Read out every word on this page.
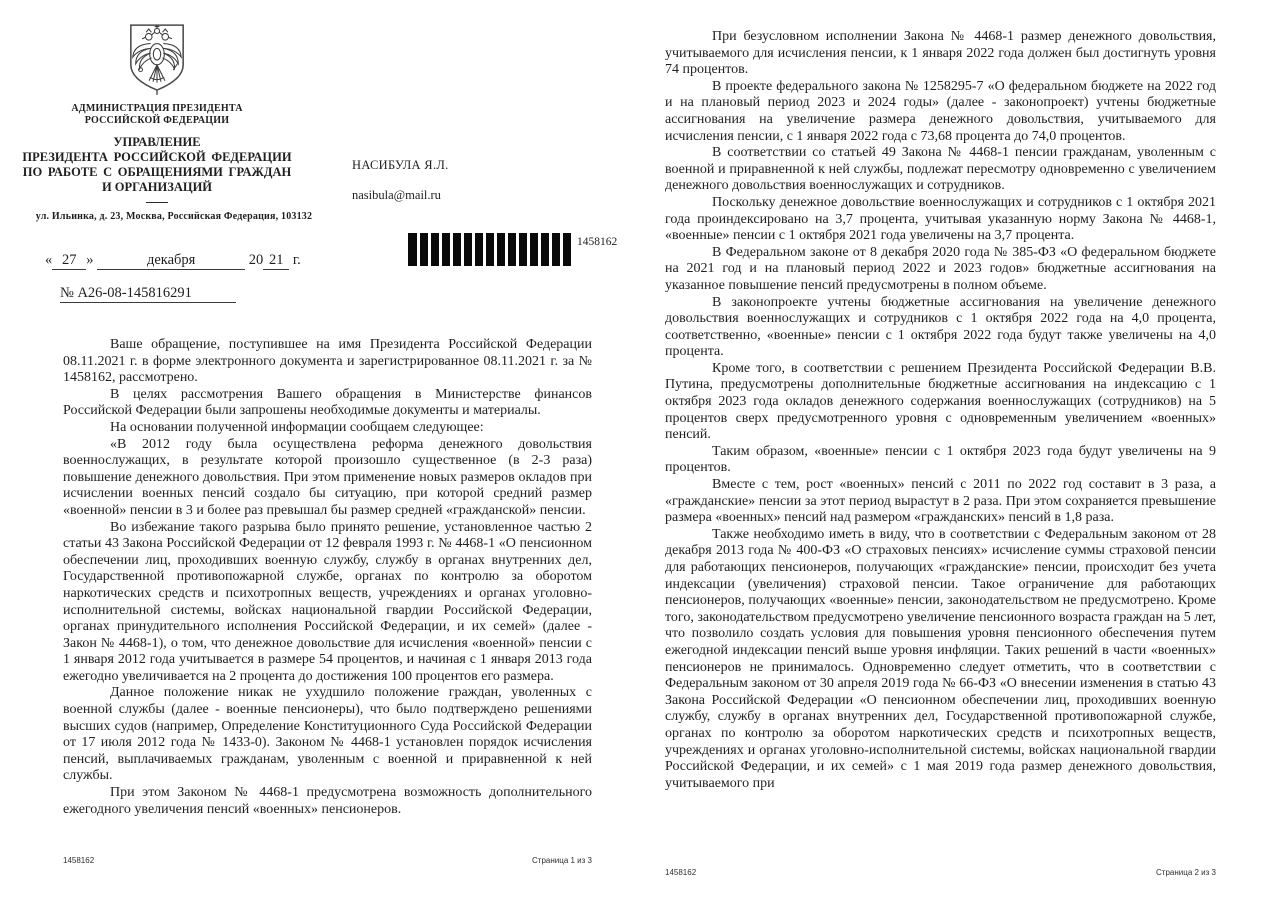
АДМИНИСТРАЦИЯ ПРЕЗИДЕНТА
РОССИЙСКОЙ ФЕДЕРАЦИИ
УПРАВЛЕНИЕ
ПРЕЗИДЕНТА РОССИЙСКОЙ ФЕДЕРАЦИИ
ПО РАБОТЕ С ОБРАЩЕНИЯМИ ГРАЖДАН
И ОРГАНИЗАЦИЙ
ул. Ильинка, д. 23, Москва, Российская Федерация, 103132
НАСИБУЛА Я.Л.
nasibula@mail.ru
1458162
« 27 »	декабря	20 21 г.
№ А26-08-145816291

Ваше обращение, поступившее на имя Президента Российской Федерации 08.11.2021 г. в форме электронного документа и зарегистрированное 08.11.2021 г. за № 1458162, рассмотрено.

В целях рассмотрения Вашего обращения в Министерстве финансов Российской Федерации были запрошены необходимые документы и материалы.

На основании полученной информации сообщаем следующее:

«В 2012 году была осуществлена реформа денежного довольствия военнослужащих, в результате которой произошло существенное (в 2-3 раза) повышение денежного довольствия. При этом применение новых размеров окладов при исчислении военных пенсий создало бы ситуацию, при которой средний размер «военной» пенсии в 3 и более раз превышал бы размер средней «гражданской» пенсии.

Во избежание такого разрыва было принято решение, установленное частью 2 статьи 43 Закона Российской Федерации от 12 февраля 1993 г. № 4468-1 «О пенсионном обеспечении лиц, проходивших военную службу, службу в органах внутренних дел, Государственной противопожарной службе, органах по контролю за оборотом наркотических средств и психотропных веществ, учреждениях и органах уголовно-исполнительной системы, войсках национальной гвардии Российской Федерации, органах принудительного исполнения Российской Федерации, и их семей» (далее - Закон № 4468-1), о том, что денежное довольствие для исчисления «военной» пенсии с 1 января 2012 года учитывается в размере 54 процентов, и начиная с 1 января 2013 года ежегодно увеличивается на 2 процента до достижения 100 процентов его размера.

Данное положение никак не ухудшило положение граждан, уволенных с военной службы (далее - военные пенсионеры), что было подтверждено решениями высших судов (например, Определение Конституционного Суда Российской Федерации от 17 июля 2012 года № 1433-0). Законом № 4468-1 установлен порядок исчисления пенсий, выплачиваемых гражданам, уволенным с военной и приравненной к ней службы.

При этом Законом № 4468-1 предусмотрена возможность дополнительного ежегодного увеличения пенсий «военных» пенсионеров.

1458162	Страница 1 из 3

При безусловном исполнении Закона № 4468-1 размер денежного довольствия, учитываемого для исчисления пенсии, к 1 января 2022 года должен был достигнуть уровня 74 процентов.

В проекте федерального закона № 1258295-7 «О федеральном бюджете на 2022 год и на плановый период 2023 и 2024 годы» (далее - законопроект) учтены бюджетные ассигнования на увеличение размера денежного довольствия, учитываемого для исчисления пенсии, с 1 января 2022 года с 73,68 процента до 74,0 процентов.

В соответствии со статьей 49 Закона № 4468-1 пенсии гражданам, уволенным с военной и приравненной к ней службы, подлежат пересмотру одновременно с увеличением денежного довольствия военнослужащих и сотрудников.

Поскольку денежное довольствие военнослужащих и сотрудников с 1 октября 2021 года проиндексировано на 3,7 процента, учитывая указанную норму Закона № 4468-1, «военные» пенсии с 1 октября 2021 года увеличены на 3,7 процента.

В Федеральном законе от 8 декабря 2020 года № 385-ФЗ «О федеральном бюджете на 2021 год и на плановый период 2022 и 2023 годов» бюджетные ассигнования на указанное повышение пенсий предусмотрены в полном объеме.

В законопроекте учтены бюджетные ассигнования на увеличение денежного довольствия военнослужащих и сотрудников с 1 октября 2022 года на 4,0 процента, соответственно, «военные» пенсии с 1 октября 2022 года будут также увеличены на 4,0 процента.

Кроме того, в соответствии с решением Президента Российской Федерации В.В. Путина, предусмотрены дополнительные бюджетные ассигнования на индексацию с 1 октября 2023 года окладов денежного содержания военнослужащих (сотрудников) на 5 процентов сверх предусмотренного уровня с одновременным увеличением «военных» пенсий.

Таким образом, «военные» пенсии с 1 октября 2023 года будут увеличены на 9 процентов.

Вместе с тем, рост «военных» пенсий с 2011 по 2022 год составит в 3 раза, а «гражданские» пенсии за этот период вырастут в 2 раза. При этом сохраняется превышение размера «военных» пенсий над размером «гражданских» пенсий в 1,8 раза.

Также необходимо иметь в виду, что в соответствии с Федеральным законом от 28 декабря 2013 года № 400-ФЗ «О страховых пенсиях» исчисление суммы страховой пенсии для работающих пенсионеров, получающих «гражданские» пенсии, происходит без учета индексации (увеличения) страховой пенсии. Такое ограничение для работающих пенсионеров, получающих «военные» пенсии, законодательством не предусмотрено. Кроме того, законодательством предусмотрено увеличение пенсионного возраста граждан на 5 лет, что позволило создать условия для повышения уровня пенсионного обеспечения путем ежегодной индексации пенсий выше уровня инфляции. Таких решений в части «военных» пенсионеров не принималось. Одновременно следует отметить, что в соответствии с Федеральным законом от 30 апреля 2019 года № 66-ФЗ «О внесении изменения в статью 43 Закона Российской Федерации «О пенсионном обеспечении лиц, проходивших военную службу, службу в органах внутренних дел, Государственной противопожарной службе, органах по контролю за оборотом наркотических средств и психотропных веществ, учреждениях и органах уголовно-исполнительной системы, войсках национальной гвардии Российской Федерации, и их семей» с 1 мая 2019 года размер денежного довольствия, учитываемого при

1458162	Страница 2 из 3
